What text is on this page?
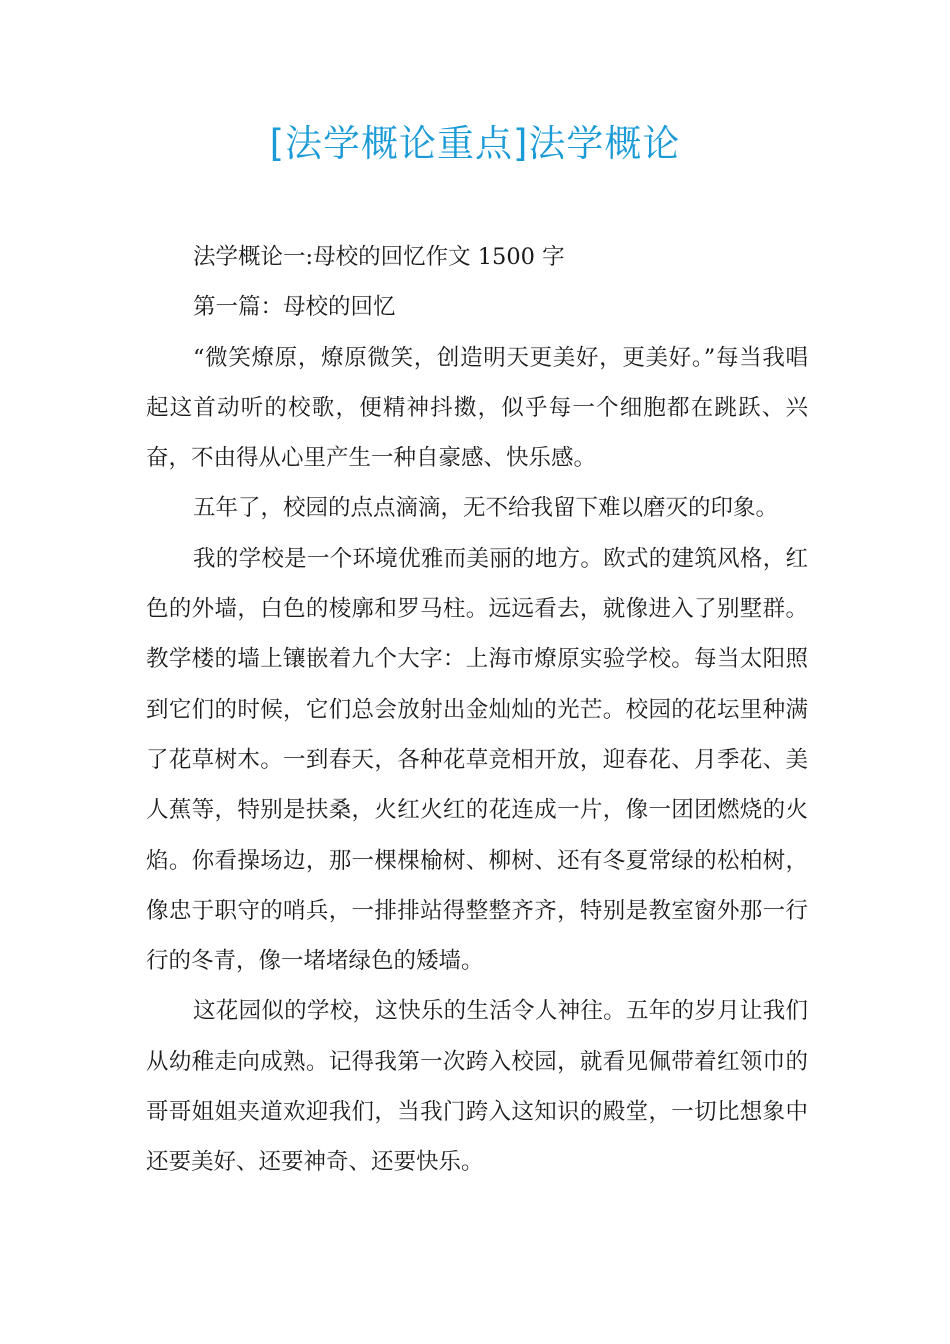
[法学概论重点]法学概论

法学概论一:母校的回忆作文 1500 字

第一篇：母校的回忆

“微笑燎原，燎原微笑，创造明天更美好，更美好。”每当我唱起这首动听的校歌，便精神抖擞，似乎每一个细胞都在跳跃、兴奋，不由得从心里产生一种自豪感、快乐感。

五年了，校园的点点滴滴，无不给我留下难以磨灭的印象。

我的学校是一个环境优雅而美丽的地方。欧式的建筑风格，红色的外墙，白色的棱廓和罗马柱。远远看去，就像进入了别墅群。教学楼的墙上镶嵌着九个大字：上海市燎原实验学校。每当太阳照到它们的时候，它们总会放射出金灿灿的光芒。校园的花坛里种满了花草树木。一到春天，各种花草竞相开放，迎春花、月季花、美人蕉等，特别是扶桑，火红火红的花连成一片，像一团团燃烧的火焰。你看操场边，那一棵棵榆树、柳树、还有冬夏常绿的松柏树，像忠于职守的哨兵，一排排站得整整齐齐，特别是教室窗外那一行行的冬青，像一堵堵绿色的矮墙。

这花园似的学校，这快乐的生活令人神往。五年的岁月让我们从幼稚走向成熟。记得我第一次跨入校园，就看见佩带着红领巾的哥哥姐姐夹道欢迎我们，当我门跨入这知识的殿堂，一切比想象中还要美好、还要神奇、还要快乐。
